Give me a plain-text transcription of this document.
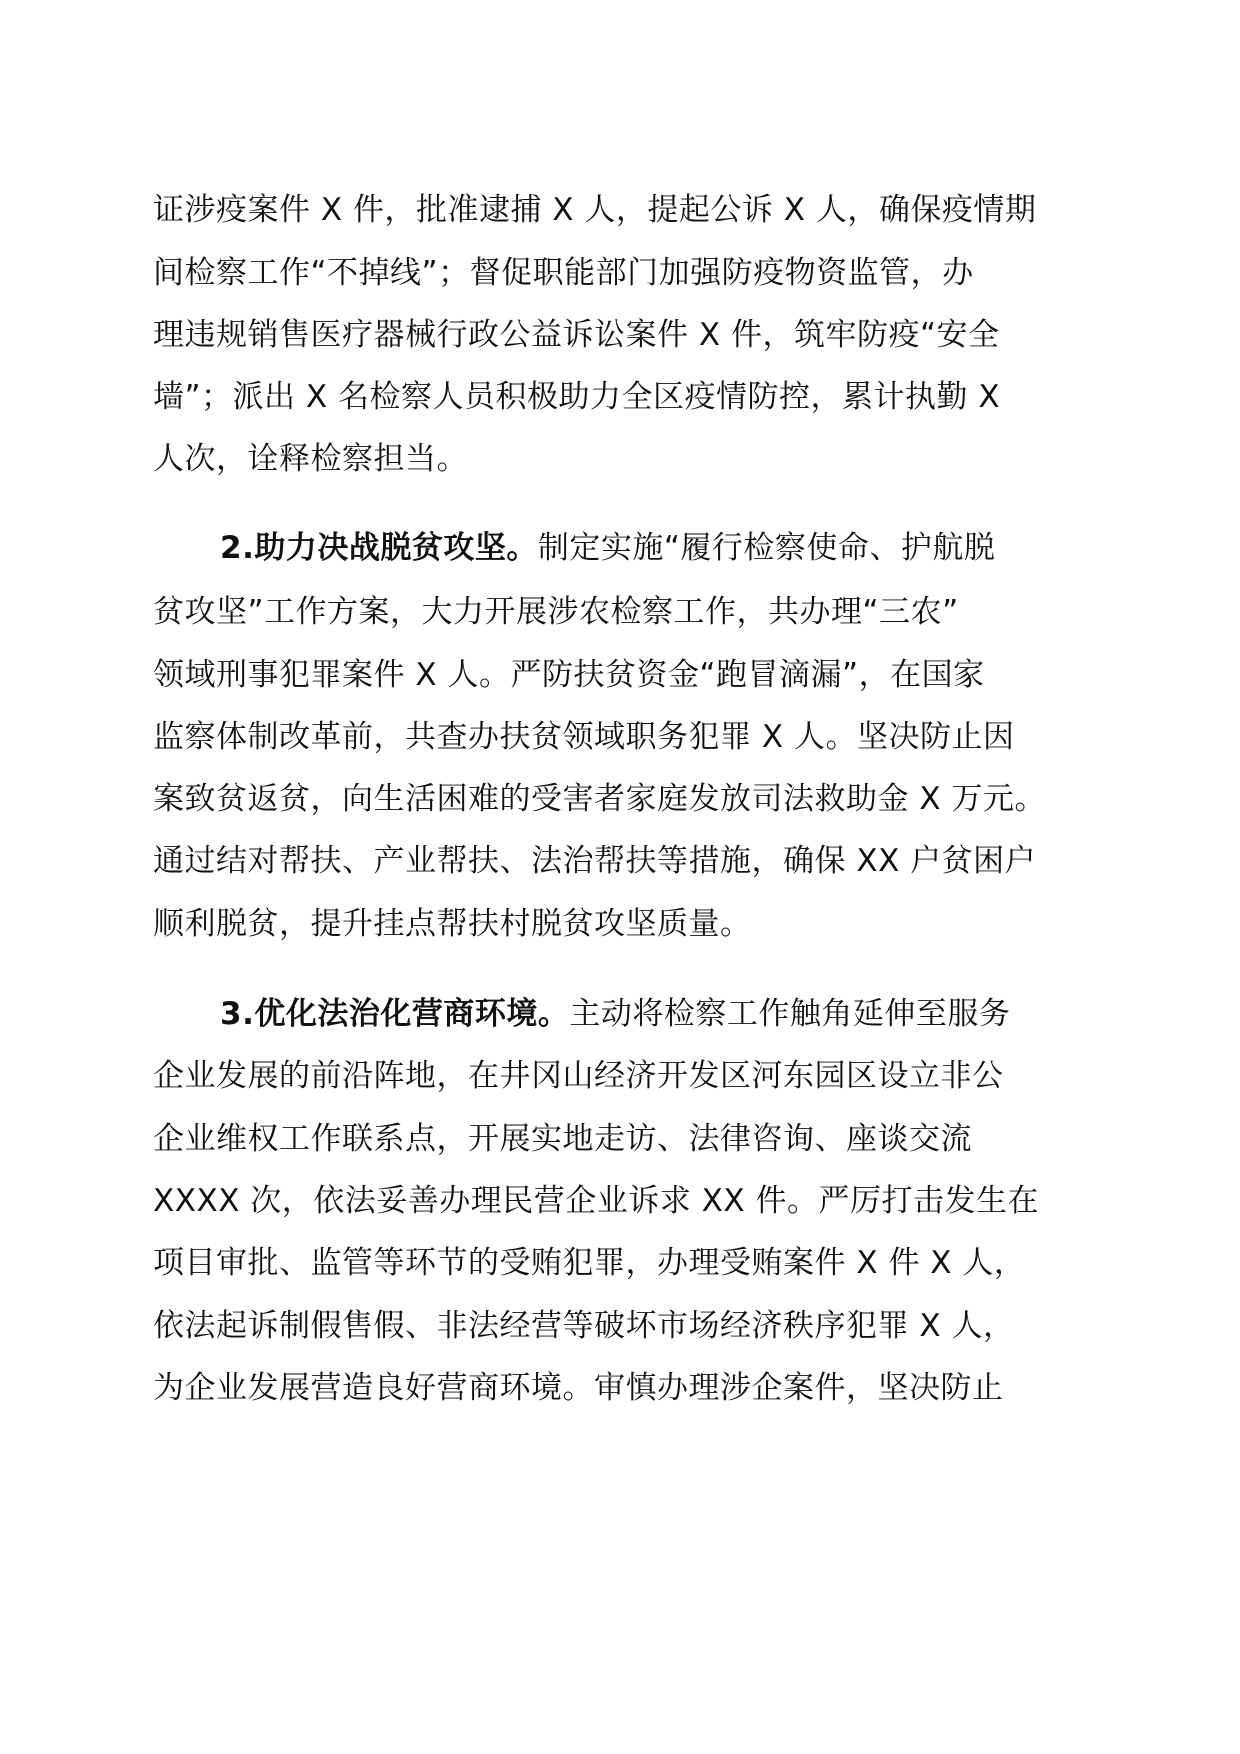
证涉疫案件 X 件，批准逮捕 X 人，提起公诉 X 人，确保疫情期
间检察工作“不掉线”；督促职能部门加强防疫物资监管，办
理违规销售医疗器械行政公益诉讼案件 X 件，筑牢防疫“安全
墙”；派出 X 名检察人员积极助力全区疫情防控，累计执勤 X
人次，诠释检察担当。
2.助力决战脱贫攻坚。制定实施“履行检察使命、护航脱
贫攻坚”工作方案，大力开展涉农检察工作，共办理“三农”
领域刑事犯罪案件 X 人。严防扶贫资金“跑冒滴漏”，在国家
监察体制改革前，共查办扶贫领域职务犯罪 X 人。坚决防止因
案致贫返贫，向生活困难的受害者家庭发放司法救助金 X 万元。
通过结对帮扶、产业帮扶、法治帮扶等措施，确保 XX 户贫困户
顺利脱贫，提升挂点帮扶村脱贫攻坚质量。
3.优化法治化营商环境。主动将检察工作触角延伸至服务
企业发展的前沿阵地，在井冈山经济开发区河东园区设立非公
企业维权工作联系点，开展实地走访、法律咨询、座谈交流
XXXX 次，依法妥善办理民营企业诉求 XX 件。严厉打击发生在
项目审批、监管等环节的受贿犯罪，办理受贿案件 X 件 X 人，
依法起诉制假售假、非法经营等破坏市场经济秩序犯罪 X 人，
为企业发展营造良好营商环境。审慎办理涉企案件，坚决防止
